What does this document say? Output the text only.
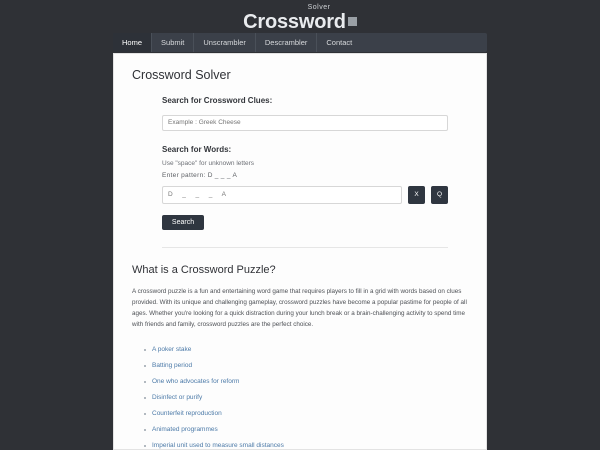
Solver
Crossword
Home	Submit	Unscrambler	Descrambler	Contact
Crossword Solver
Search for Crossword Clues:
Example : Greek Cheese
Search for Words:
Use "space" for unknown letters
Enter pattern: D _ _ _ A
D _ _ _ A
X	Q
Search
What is a Crossword Puzzle?

A crossword puzzle is a fun and entertaining word game that requires players to fill in a grid with words based on clues provided. With its unique and challenging gameplay, crossword puzzles have become a popular pastime for people of all ages. Whether you're looking for a quick distraction during your lunch break or a brain-challenging activity to spend time with friends and family, crossword puzzles are the perfect choice.

A poker stake
Batting period
One who advocates for reform
Disinfect or purify
Counterfeit reproduction
Animated programmes
Imperial unit used to measure small distances
